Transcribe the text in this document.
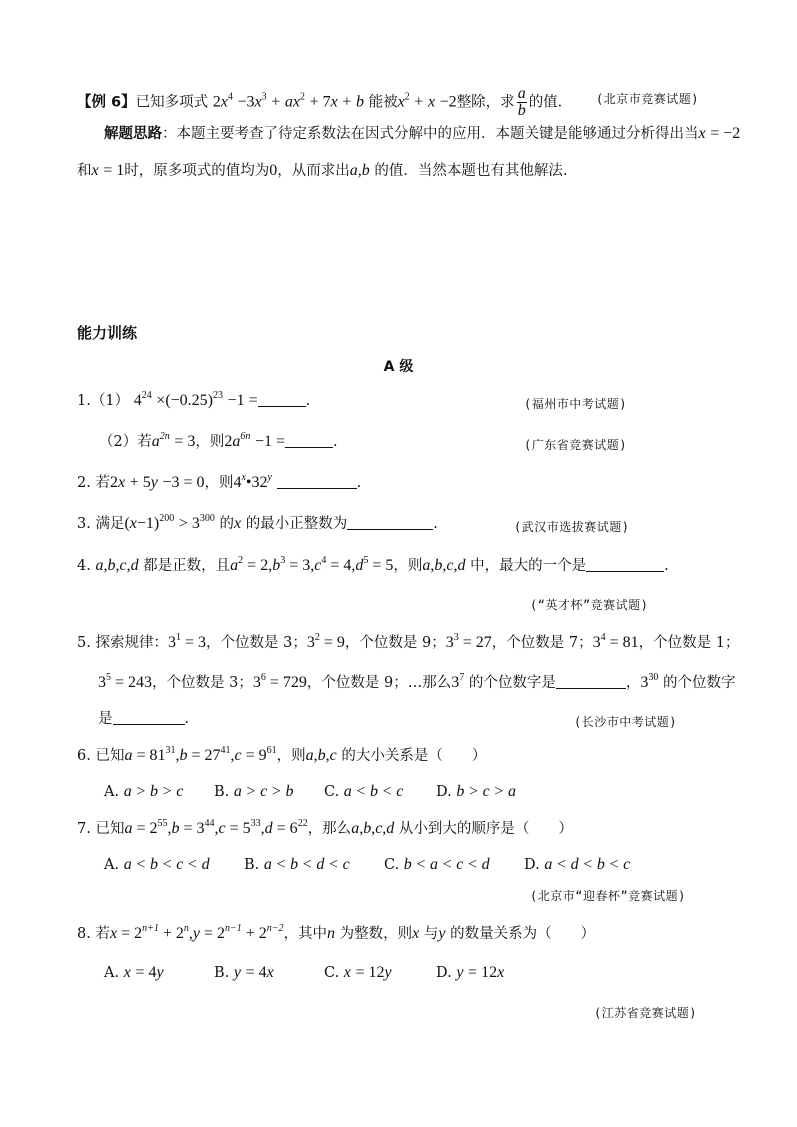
【例 6】已知多项式 $2x^4 -3x^3 + ax^2 + 7x + b$ 能被$x^2 + x -2$整除，求 $\frac{a}{b}$ 的值.	(北京市竞赛试题)
解题思路：本题主要考查了待定系数法在因式分解中的应用．本题关键是能够通过分析得出当x = −2
和x = 1时，原多项式的值均为0，从而求出a,b 的值．当然本题也有其他解法.
能力训练
A 级
1.（1） $4^{24} \times(-0.25)^{23} -1$ =	.	(福州市中考试题)
（2）若$a^{2n} = 3$，则$2a^{6n} -1$ =	.	(广东省竞赛试题)
2. 若2x + 5y −3 = 0，则4$^x$•32$^y$	.
3. 满足$(x-1)^{200} > 3^{300}$ 的x 的最小正整数为	.	(武汉市选拔赛试题)
4. a,b,c,d 都是正数，且$a^2 = 2,b^3 = 3,c^4 = 4,d^5 = 5$，则a,b,c,d 中，最大的一个是	.
(“英才杯”竞赛试题)
5. 探索规律：$3^1 = 3$，个位数是 3；$3^2 = 9$，个位数是 9；$3^3 = 27$，个位数是 7；$3^4 = 81$，个位数是 1；
$3^5 = 243$，个位数是 3；$3^6 = 729$，个位数是 9；…那么$3^7$ 的个位数字是	，$3^{30}$ 的个位数字
是	.	(长沙市中考试题)
6. 已知$a = 81^{31},b = 27^{41},c = 9^{61}$，则a,b,c 的大小关系是（　　）
A. a > b > c B. a > c > b C. a < b < c D. b > c > a
7. 已知$a = 2^{55},b = 3^{44},c = 5^{33},d = 6^{22}$，那么a,b,c,d 从小到大的顺序是（　　）
A. a < b < c < d B. a < b < d < c C. b < a < c < d D. a < d < b < c
(北京市“迎春杯”竞赛试题)
8. 若$x = 2^{n+1} + 2^n,y = 2^{n-1} + 2^{n-2}$，其中n 为整数，则x 与y 的数量关系为（　　）
A. x = 4y	B. y = 4x	C. x = 12y	D. y = 12x
(江苏省竞赛试题)
